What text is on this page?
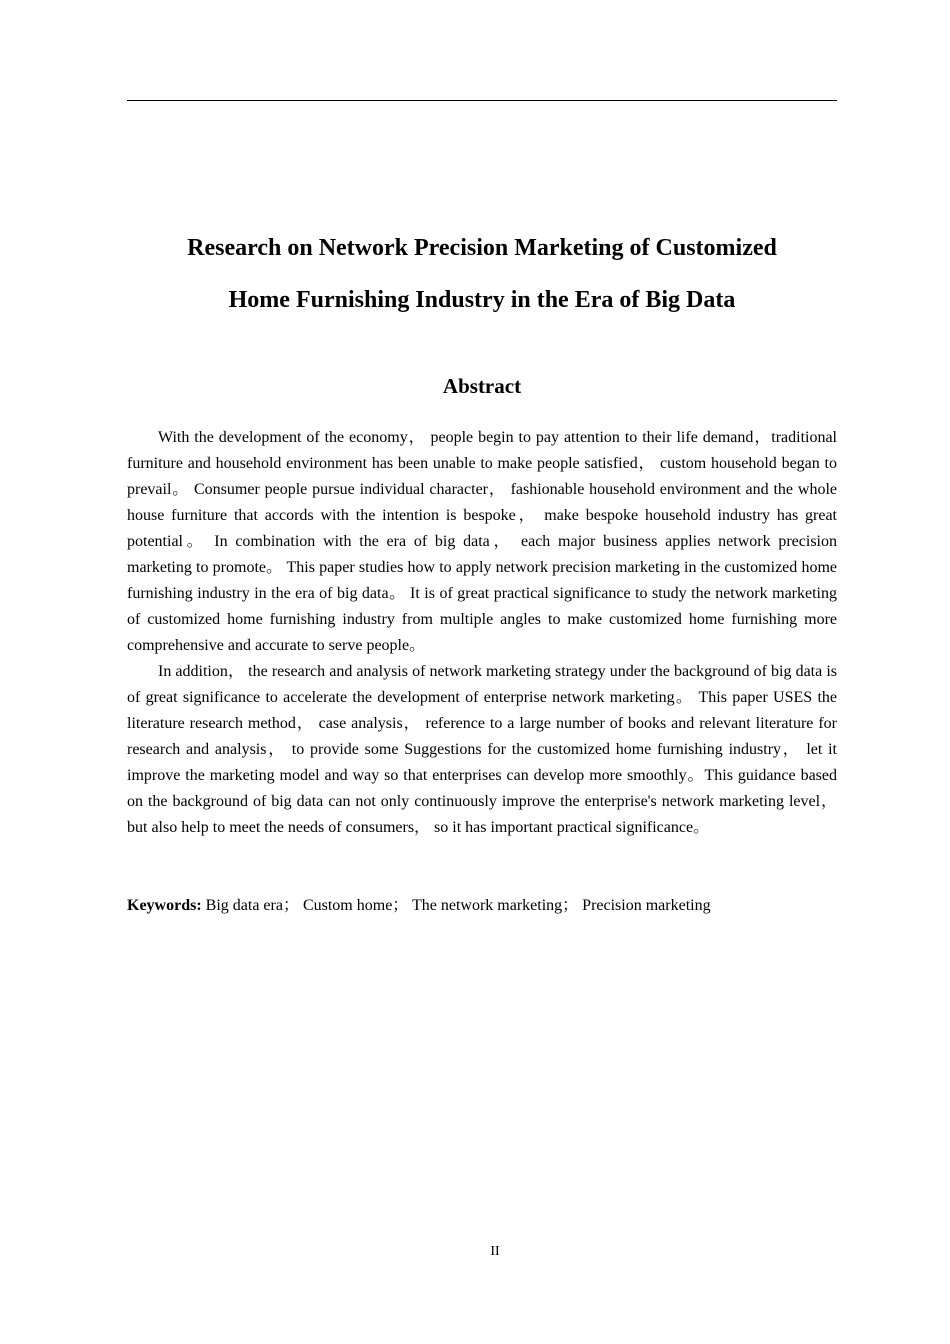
Research on Network Precision Marketing of Customized
Home Furnishing Industry in the Era of Big Data
Abstract

With the development of the economy， people begin to pay attention to their life demand，traditional furniture and household environment has been unable to make people satisfied， custom household began to prevail。 Consumer people pursue individual character， fashionable household environment and the whole house furniture that accords with the intention is bespoke， make bespoke household industry has great potential。 In combination with the era of big data， each major business applies network precision marketing to promote。 This paper studies how to apply network precision marketing in the customized home furnishing industry in the era of big data。 It is of great practical significance to study the network marketing of customized home furnishing industry from multiple angles to make customized home furnishing more comprehensive and accurate to serve people。

In addition， the research and analysis of network marketing strategy under the background of big data is of great significance to accelerate the development of enterprise network marketing。 This paper USES the literature research method， case analysis， reference to a large number of books and relevant literature for research and analysis， to provide some Suggestions for the customized home furnishing industry， let it improve the marketing model and way so that enterprises can develop more smoothly。This guidance based on the background of big data can not only continuously improve the enterprise's network marketing level， but also help to meet the needs of consumers， so it has important practical significance。

Keywords: Big data era； Custom home； The network marketing； Precision marketing

II
